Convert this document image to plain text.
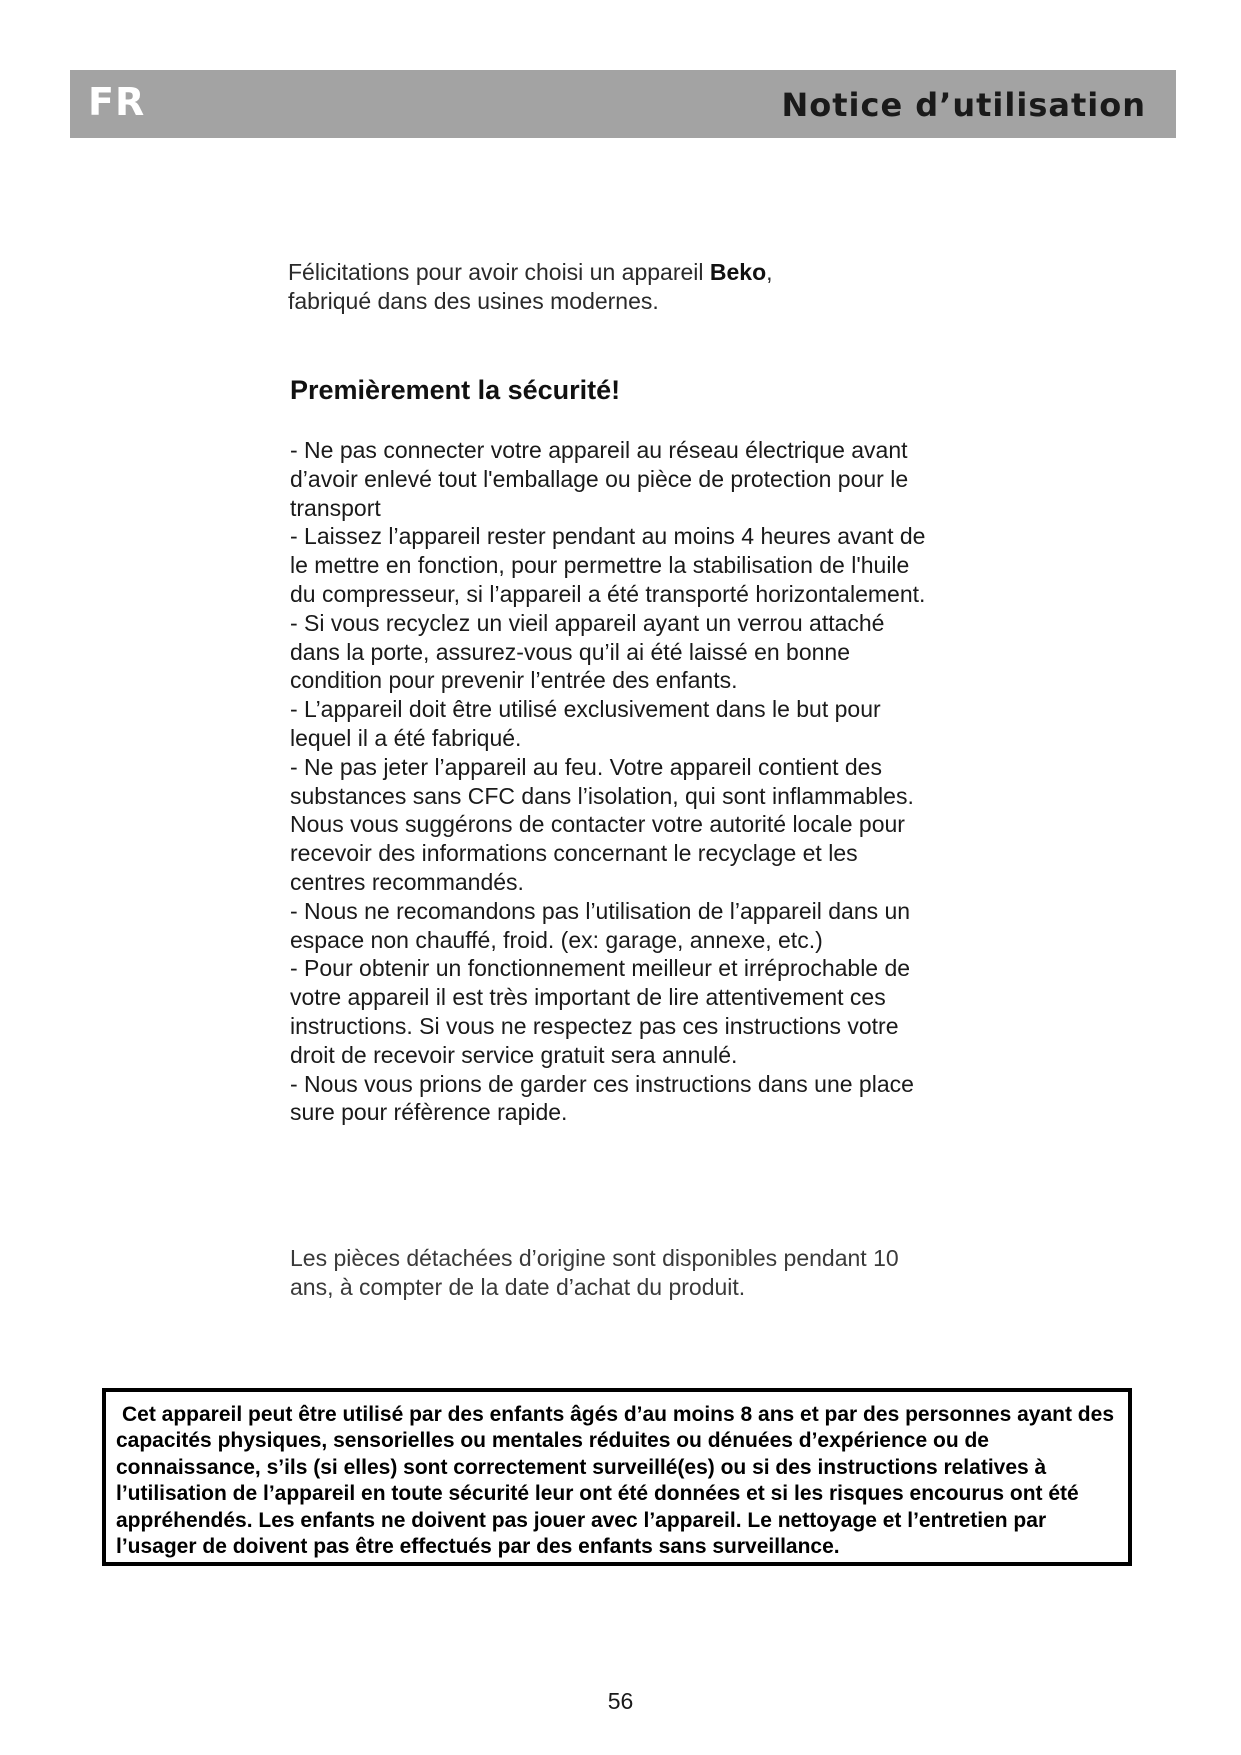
FR	Notice d’utilisation
Félicitations pour avoir choisi un appareil Beko,
fabriqué dans des usines modernes.
Premièrement la sécurité!

- Ne pas connecter votre appareil au réseau électrique avant d’avoir enlevé tout l'emballage ou pièce de protection pour le transport

- Laissez l’appareil rester pendant au moins 4 heures avant de le mettre en fonction, pour permettre la stabilisation de l'huile du compresseur, si l’appareil a été transporté horizontalement.

- Si vous recyclez un vieil appareil ayant un verrou attaché dans la porte, assurez-vous qu’il ai été laissé en bonne condition pour prevenir l’entrée des enfants.

- L’appareil doit être utilisé exclusivement dans le but pour lequel il a été fabriqué.

- Ne pas jeter l’appareil au feu. Votre appareil contient des substances sans CFC dans l’isolation, qui sont inflammables. Nous vous suggérons de contacter votre autorité locale pour recevoir des informations concernant le recyclage et les centres recommandés.

- Nous ne recomandons pas l’utilisation de l’appareil dans un espace non chauffé, froid. (ex: garage, annexe, etc.)

- Pour obtenir un fonctionnement meilleur et irréprochable de votre appareil il est très important de lire attentivement ces instructions. Si vous ne respectez pas ces instructions votre droit de recevoir service gratuit sera annulé.

- Nous vous prions de garder ces instructions dans une place sure pour réfèrence rapide.

Les pièces détachées d’origine sont disponibles pendant 10 ans, à compter de la date d’achat du produit.

Cet appareil peut être utilisé par des enfants âgés d’au moins 8 ans et par des personnes ayant des capacités physiques, sensorielles ou mentales réduites ou dénuées d’expérience ou de connaissance, s’ils (si elles) sont correctement surveillé(es) ou si des instructions relatives à l’utilisation de l’appareil en toute sécurité leur ont été données et si les risques encourus ont été appréhendés. Les enfants ne doivent pas jouer avec l’appareil. Le nettoyage et l’entretien par l’usager de doivent pas être effectués par des enfants sans surveillance.

56
